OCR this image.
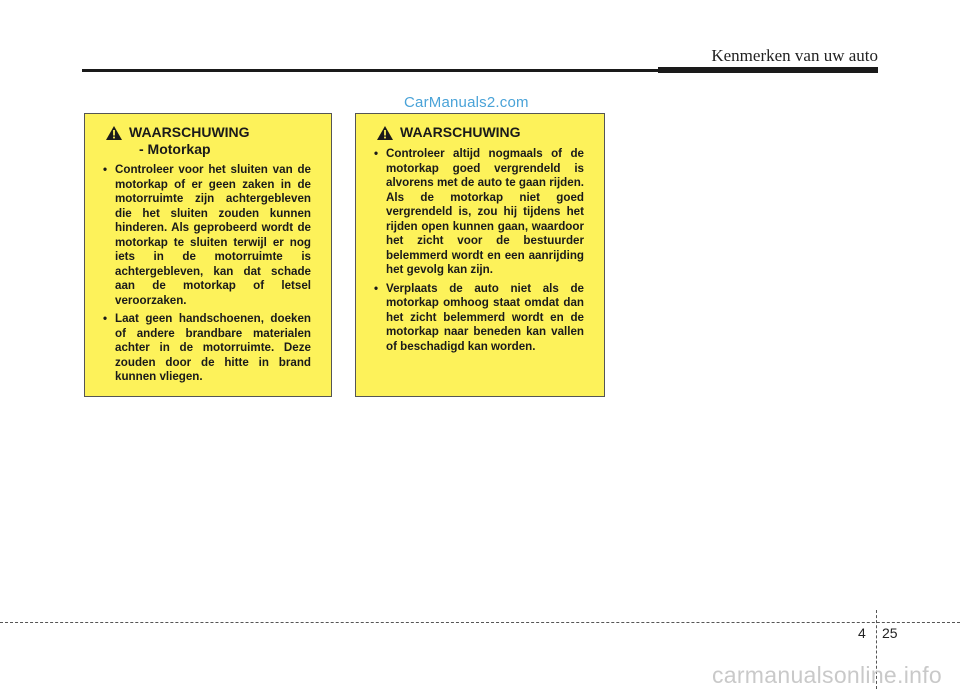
Kenmerken van uw auto
CarManuals2.com
WAARSCHUWING
- Motorkap
• Controleer voor het sluiten van de motorkap of er geen zaken in de motorruimte zijn achtergebleven die het sluiten zouden kunnen hinderen. Als geprobeerd wordt de motorkap te sluiten terwijl er nog iets in de motorruimte is achtergebleven, kan dat schade aan de motorkap of letsel veroorzaken.
• Laat geen handschoenen, doeken of andere brandbare materialen achter in de motorruimte. Deze zouden door de hitte in brand kunnen vliegen.
WAARSCHUWING
• Controleer altijd nogmaals of de motorkap goed vergrendeld is alvorens met de auto te gaan rijden. Als de motorkap niet goed vergrendeld is, zou hij tijdens het rijden open kunnen gaan, waardoor het zicht voor de bestuurder belemmerd wordt en een aanrijding het gevolg kan zijn.
• Verplaats de auto niet als de motorkap omhoog staat omdat dan het zicht belemmerd wordt en de motorkap naar beneden kan vallen of beschadigd kan worden.
4 25
carmanualsonline.info
